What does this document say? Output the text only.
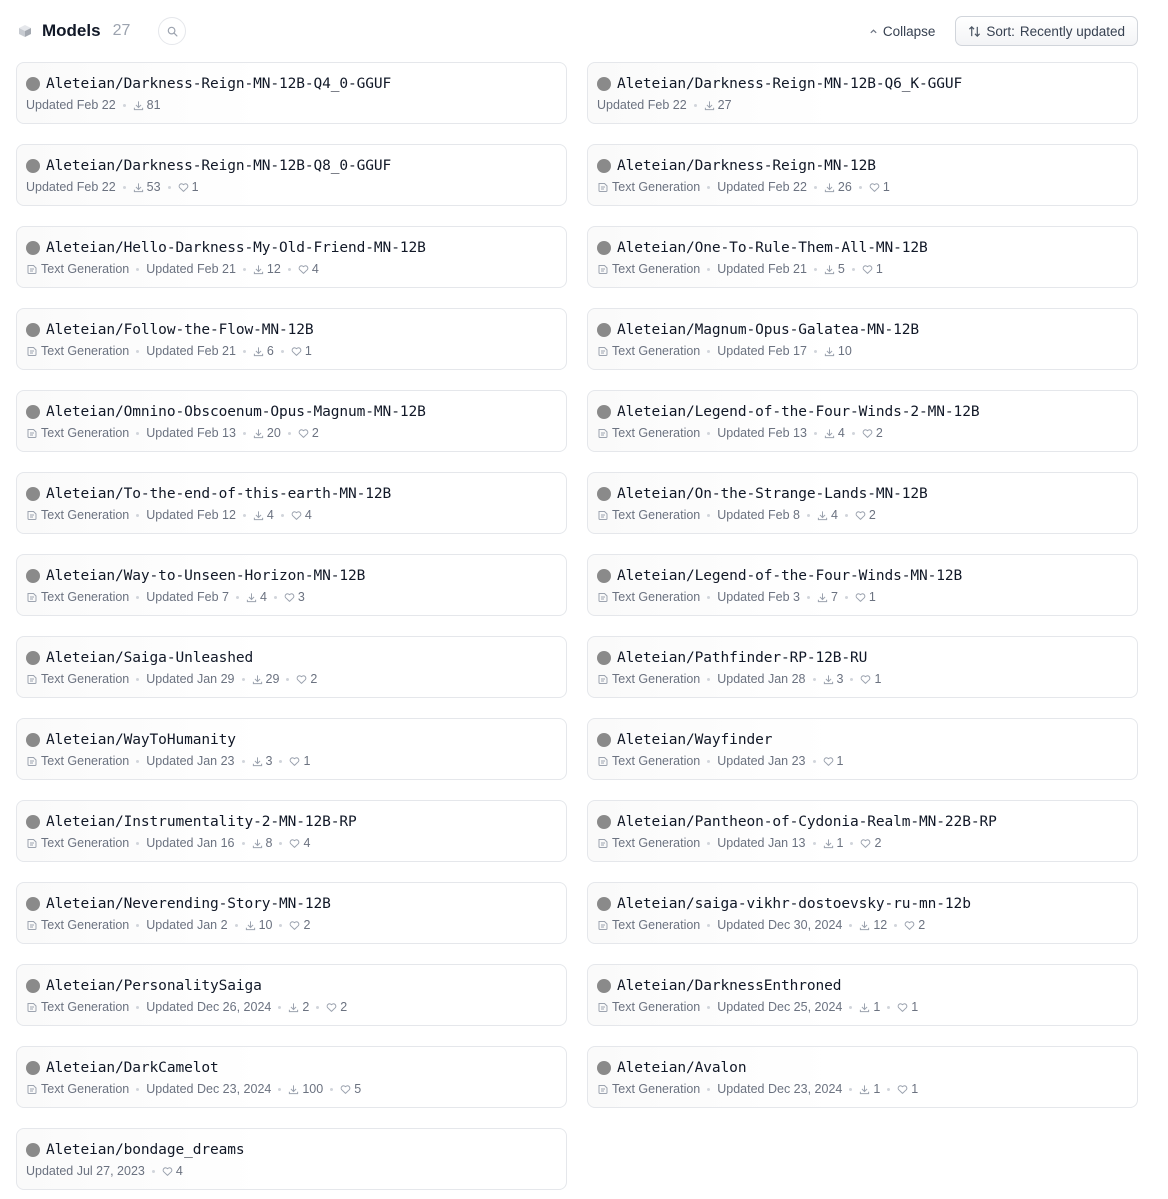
Models 27	Collapse	Sort: Recently updated
Aleteian/Darkness-Reign-MN-12B-Q4_0-GGUF
Updated Feb 22 81
Aleteian/Darkness-Reign-MN-12B-Q6_K-GGUF
Updated Feb 22 27
Aleteian/Darkness-Reign-MN-12B-Q8_0-GGUF
Updated Feb 22 53 1
Aleteian/Darkness-Reign-MN-12B
Text Generation Updated Feb 22 26 1
Aleteian/Hello-Darkness-My-Old-Friend-MN-12B
Text Generation Updated Feb 21 12 4
Aleteian/One-To-Rule-Them-All-MN-12B
Text Generation Updated Feb 21 5 1
Aleteian/Follow-the-Flow-MN-12B
Text Generation Updated Feb 21 6 1
Aleteian/Magnum-Opus-Galatea-MN-12B
Text Generation Updated Feb 17 10
Aleteian/Omnino-Obscoenum-Opus-Magnum-MN-12B
Text Generation Updated Feb 13 20 2
Aleteian/Legend-of-the-Four-Winds-2-MN-12B
Text Generation Updated Feb 13 4 2
Aleteian/To-the-end-of-this-earth-MN-12B
Text Generation Updated Feb 12 4 4
Aleteian/On-the-Strange-Lands-MN-12B
Text Generation Updated Feb 8 4 2
Aleteian/Way-to-Unseen-Horizon-MN-12B
Text Generation Updated Feb 7 4 3
Aleteian/Legend-of-the-Four-Winds-MN-12B
Text Generation Updated Feb 3 7 1
Aleteian/Saiga-Unleashed
Text Generation Updated Jan 29 29 2
Aleteian/Pathfinder-RP-12B-RU
Text Generation Updated Jan 28 3 1
Aleteian/WayToHumanity
Text Generation Updated Jan 23 3 1
Aleteian/Wayfinder
Text Generation Updated Jan 23 1
Aleteian/Instrumentality-2-MN-12B-RP
Text Generation Updated Jan 16 8 4
Aleteian/Pantheon-of-Cydonia-Realm-MN-22B-RP
Text Generation Updated Jan 13 1 2
Aleteian/Neverending-Story-MN-12B
Text Generation Updated Jan 2 10 2
Aleteian/saiga-vikhr-dostoevsky-ru-mn-12b
Text Generation Updated Dec 30, 2024 12 2
Aleteian/PersonalitySaiga
Text Generation Updated Dec 26, 2024 2 2
Aleteian/DarknessEnthroned
Text Generation Updated Dec 25, 2024 1 1
Aleteian/DarkCamelot
Text Generation Updated Dec 23, 2024 100 5
Aleteian/Avalon
Text Generation Updated Dec 23, 2024 1 1
Aleteian/bondage_dreams
Updated Jul 27, 2023 4
